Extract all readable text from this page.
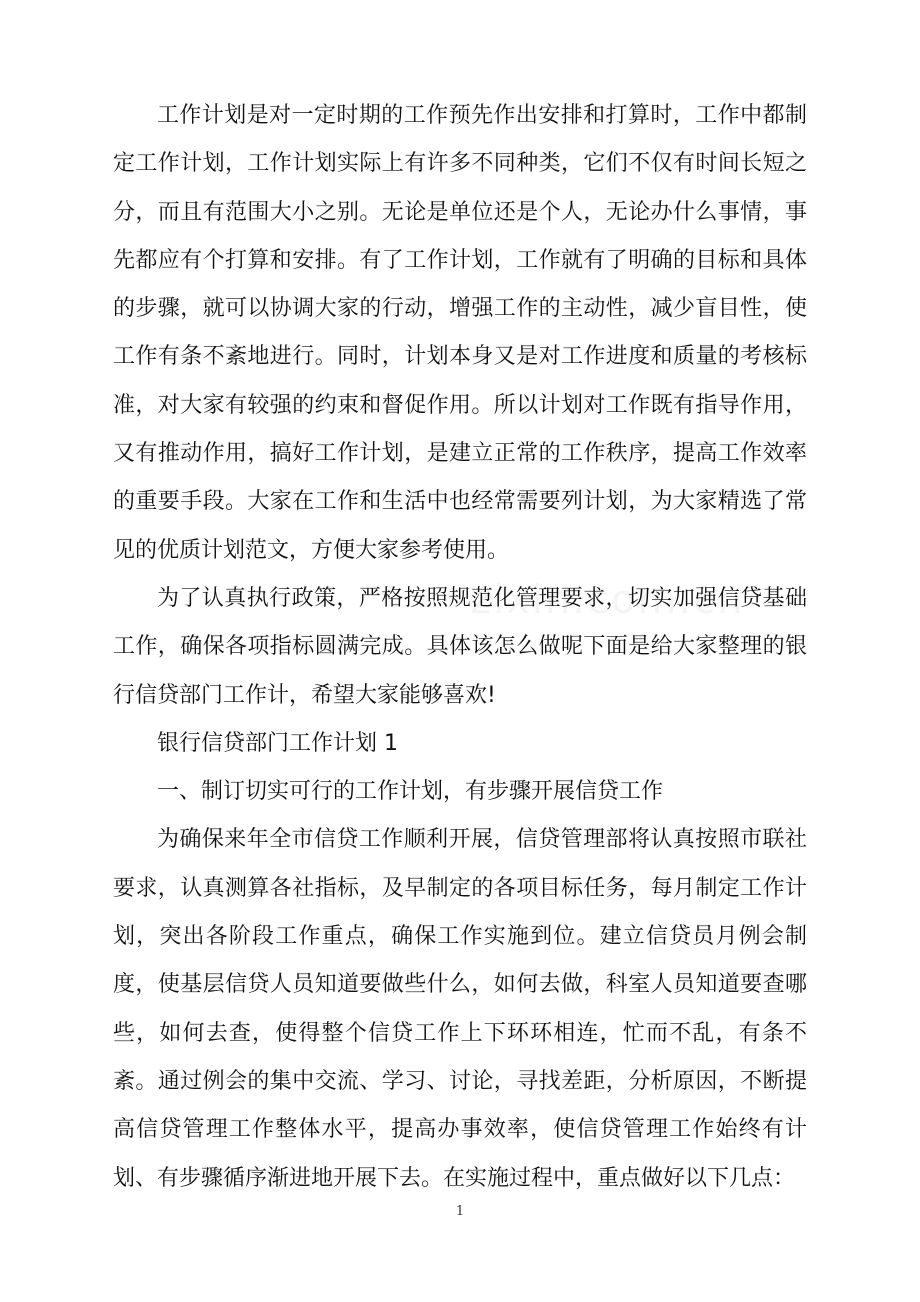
工作计划是对一定时期的工作预先作出安排和打算时，工作中都制定工作计划，工作计划实际上有许多不同种类，它们不仅有时间长短之分，而且有范围大小之别。无论是单位还是个人，无论办什么事情，事先都应有个打算和安排。有了工作计划，工作就有了明确的目标和具体的步骤，就可以协调大家的行动，增强工作的主动性，减少盲目性，使工作有条不紊地进行。同时，计划本身又是对工作进度和质量的考核标准，对大家有较强的约束和督促作用。所以计划对工作既有指导作用，又有推动作用，搞好工作计划，是建立正常的工作秩序，提高工作效率的重要手段。大家在工作和生活中也经常需要列计划，为大家精选了常见的优质计划范文，方便大家参考使用。

为了认真执行政策，严格按照规范化管理要求，切实加强信贷基础工作，确保各项指标圆满完成。具体该怎么做呢下面是给大家整理的银行信贷部门工作计，希望大家能够喜欢!

银行信贷部门工作计划 1

一、制订切实可行的工作计划，有步骤开展信贷工作

为确保来年全市信贷工作顺利开展，信贷管理部将认真按照市联社要求，认真测算各社指标，及早制定的各项目标任务，每月制定工作计划，突出各阶段工作重点，确保工作实施到位。建立信贷员月例会制度，使基层信贷人员知道要做些什么，如何去做，科室人员知道要查哪些，如何去查，使得整个信贷工作上下环环相连，忙而不乱，有条不紊。通过例会的集中交流、学习、讨论，寻找差距，分析原因，不断提高信贷管理工作整体水平，提高办事效率，使信贷管理工作始终有计划、有步骤循序渐进地开展下去。在实施过程中，重点做好以下几点：

1
